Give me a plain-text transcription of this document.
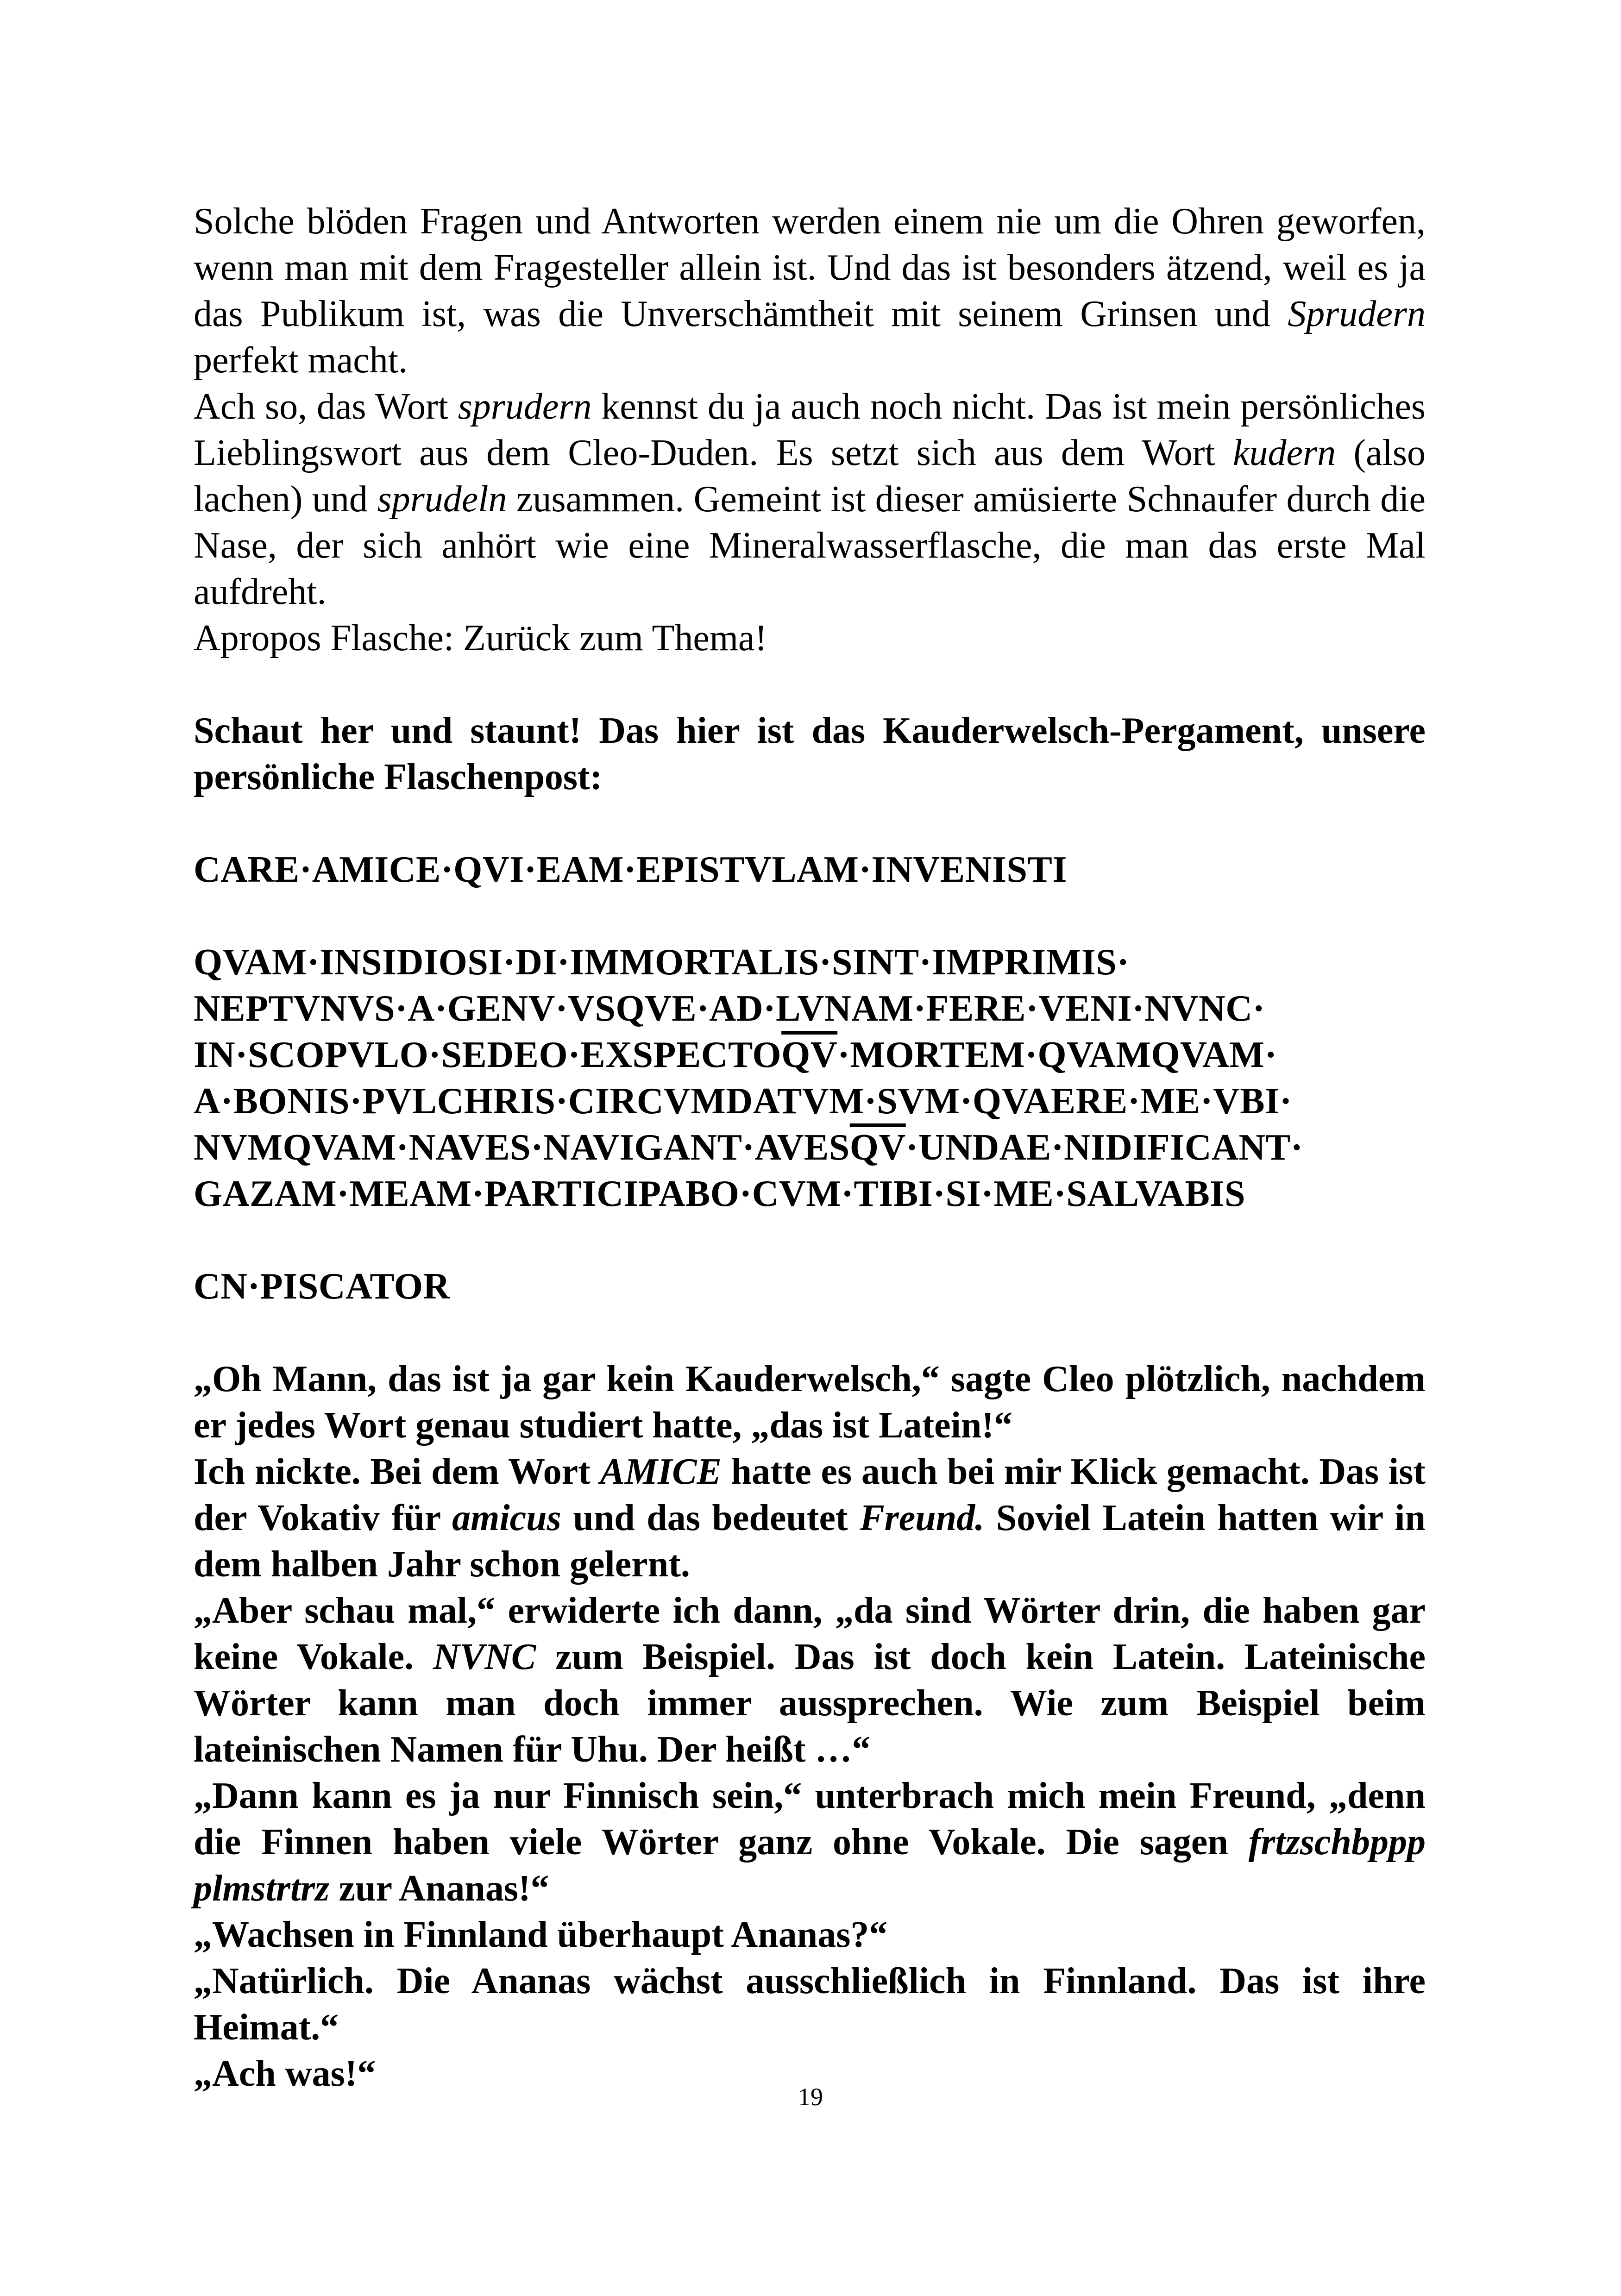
Solche blöden Fragen und Antworten werden einem nie um die Ohren geworfen, wenn man mit dem Fragesteller allein ist. Und das ist besonders ätzend, weil es ja das Publikum ist, was die Unverschämtheit mit seinem Grinsen und Sprudern perfekt macht.

Ach so, das Wort sprudern kennst du ja auch noch nicht. Das ist mein persönliches Lieblingswort aus dem Cleo-Duden. Es setzt sich aus dem Wort kudern (also lachen) und sprudeln zusammen. Gemeint ist dieser amüsierte Schnaufer durch die Nase, der sich anhört wie eine Mineralwasserflasche, die man das erste Mal aufdreht.

Apropos Flasche: Zurück zum Thema!

Schaut her und staunt! Das hier ist das Kauderwelsch-Pergament, unsere persönliche Flaschenpost:

CARE·AMICE·QVI·EAM·EPISTVLAM·INVENISTI

QVAM·INSIDIOSI·DI·IMMORTALIS·SINT·IMPRIMIS·

NEPTVNVS·A·GENV·VSQVE·AD·LVNAM·FERE·VENI·NVNC·

$IN\cdot SCOPVLO\cdot SEDEO\cdot EXSPECTO\overline{QV}\cdot MORTEM\cdot QVAMQVAM\cdot$

A·BONIS·PVLCHRIS·CIRCVMDATVM·SVM·QVAERE·ME·VBI·

$NVMQVAM\cdot NAVES\cdot NAVIGANT\cdot AVES\overline{QV}\cdot UNDAE\cdot NIDIFICANT\cdot$

GAZAM·MEAM·PARTICIPABO·CVM·TIBI·SI·ME·SALVABIS

CN·PISCATOR

„Oh Mann, das ist ja gar kein Kauderwelsch,“ sagte Cleo plötzlich, nachdem er jedes Wort genau studiert hatte, „das ist Latein!“

Ich nickte. Bei dem Wort AMICE hatte es auch bei mir Klick gemacht. Das ist der Vokativ für amicus und das bedeutet Freund. Soviel Latein hatten wir in dem halben Jahr schon gelernt.

„Aber schau mal,“ erwiderte ich dann, „da sind Wörter drin, die haben gar keine Vokale. NVNC zum Beispiel. Das ist doch kein Latein. Lateinische Wörter kann man doch immer aussprechen. Wie zum Beispiel beim lateinischen Namen für Uhu. Der heißt …“

„Dann kann es ja nur Finnisch sein,“ unterbrach mich mein Freund, „denn die Finnen haben viele Wörter ganz ohne Vokale. Die sagen frtzschbppp plmstrtrz zur Ananas!“

„Wachsen in Finnland überhaupt Ananas?“

„Natürlich. Die Ananas wächst ausschließlich in Finnland. Das ist ihre Heimat.“

„Ach was!“

19
